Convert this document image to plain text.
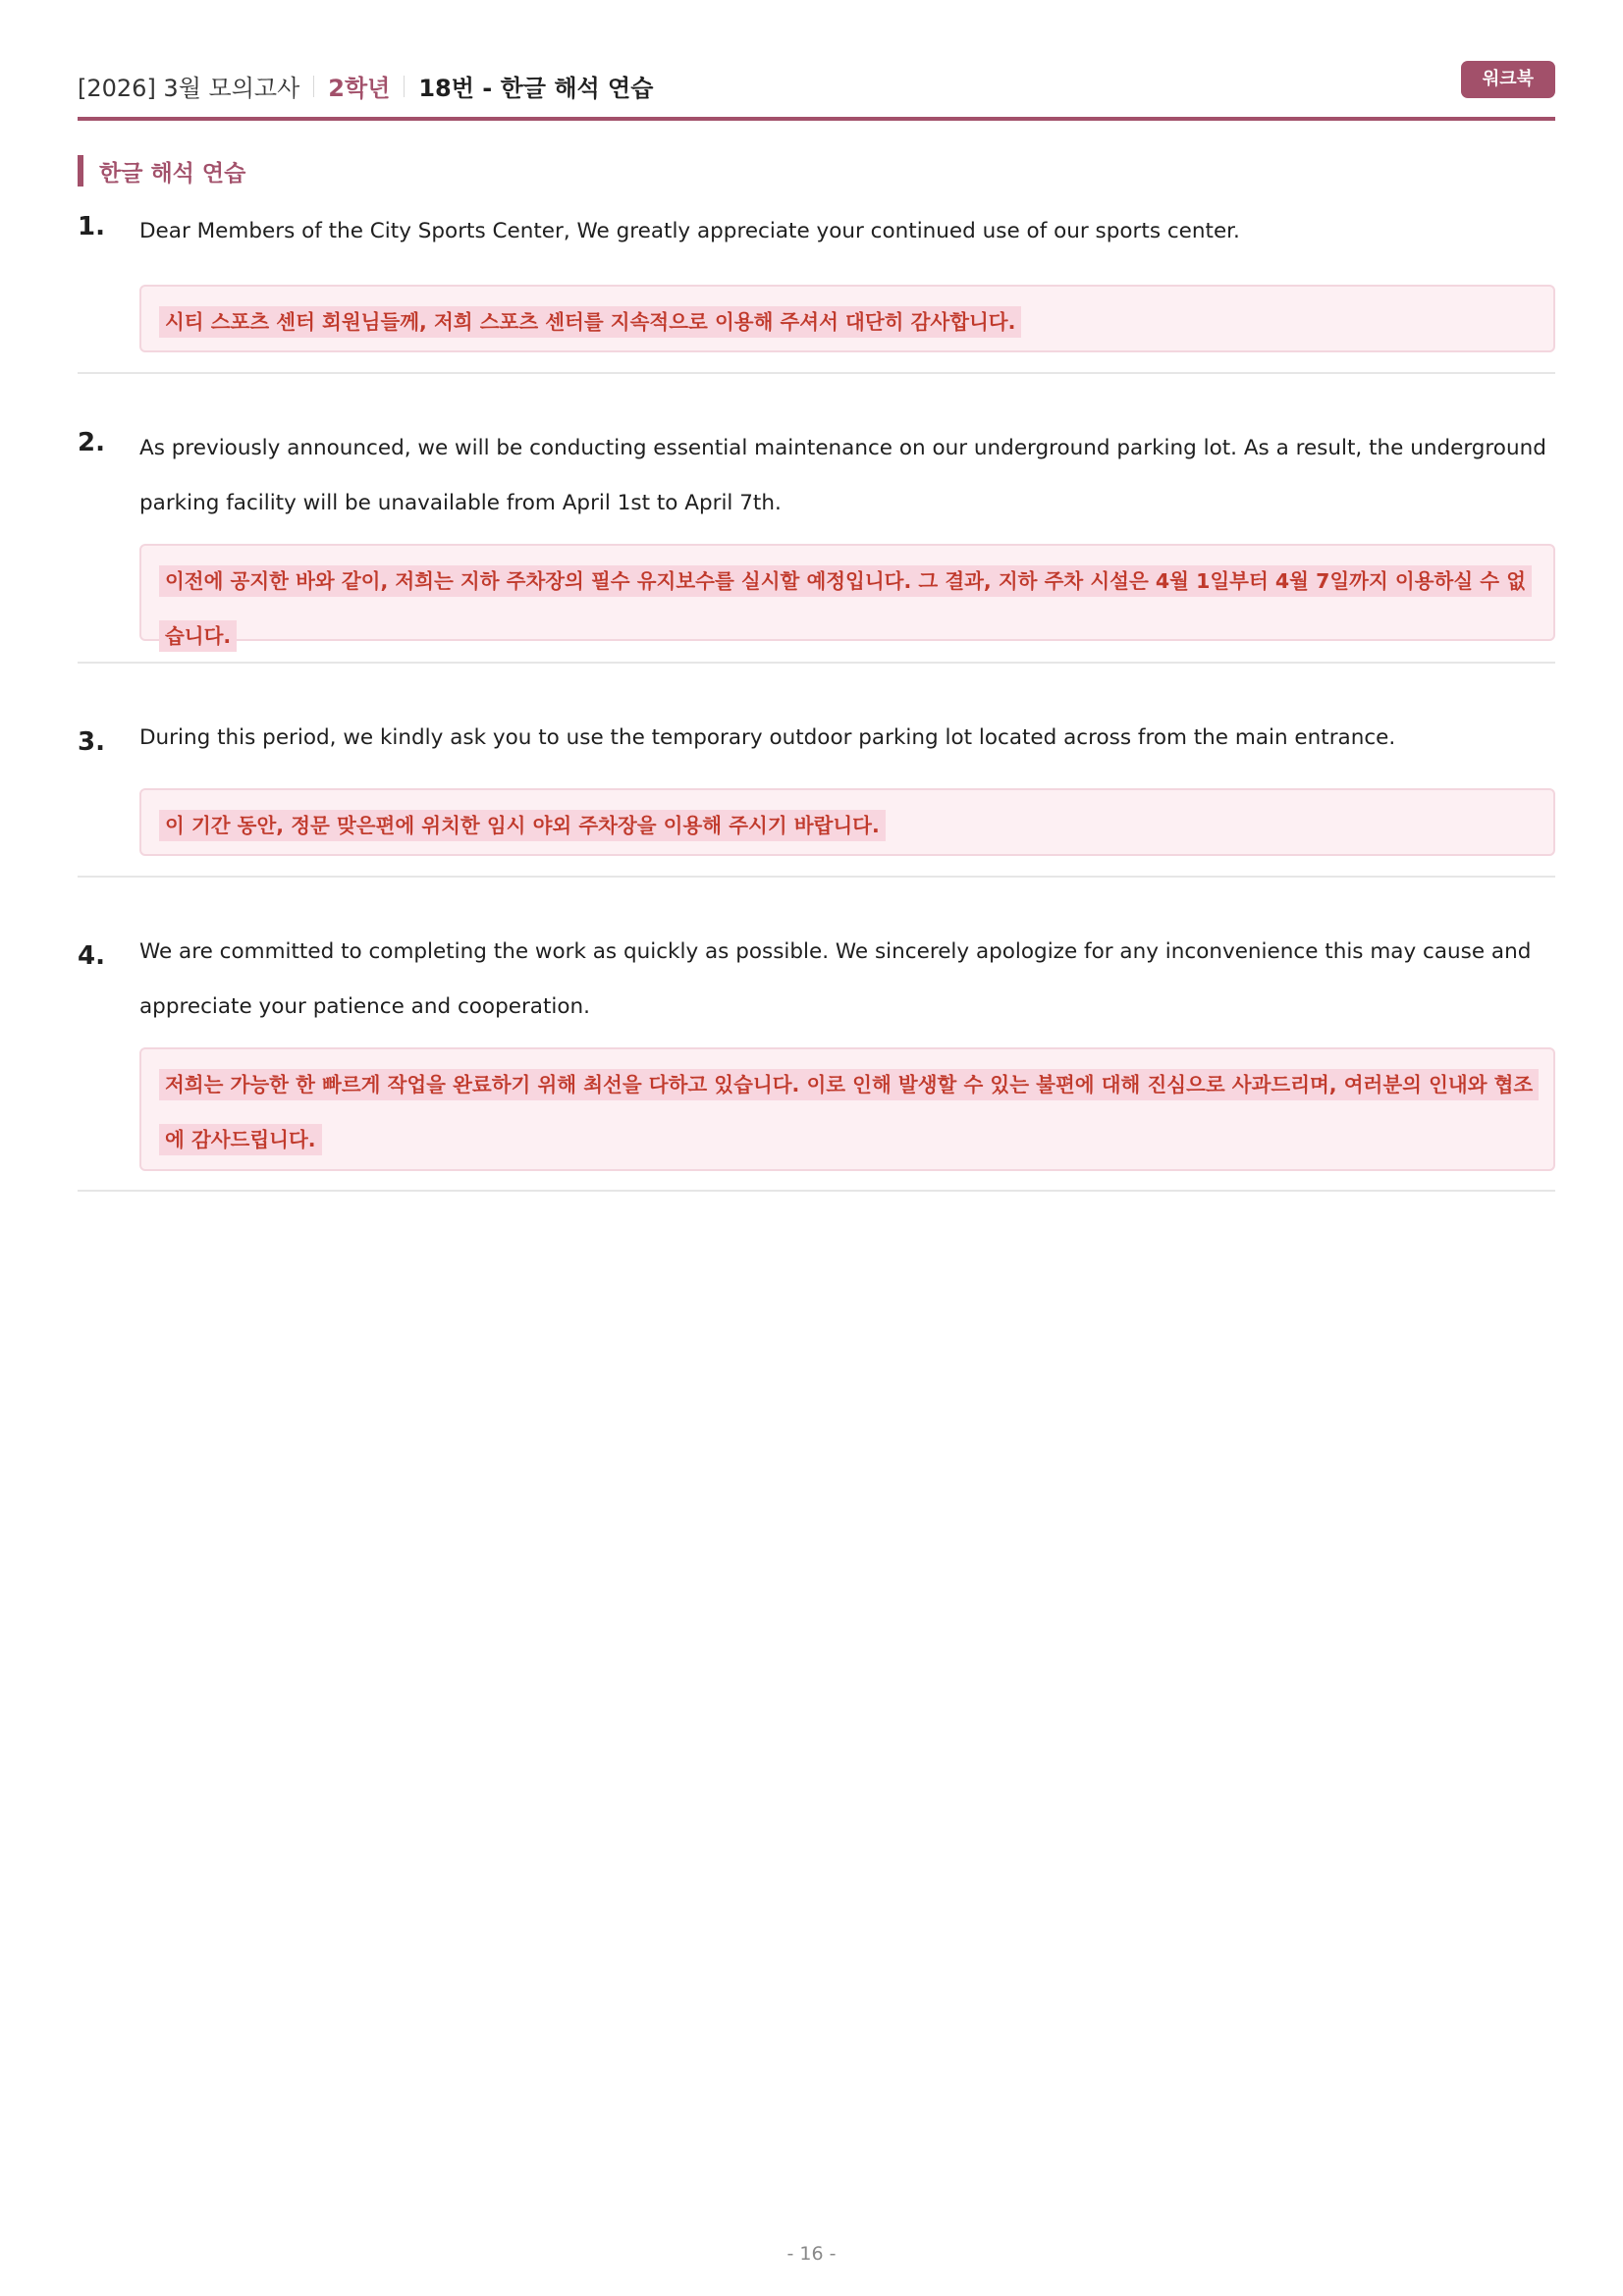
[2026] 3월 모의고사 2학년 18번 - 한글 해석 연습	워크북
한글 해석 연습
1. Dear Members of the City Sports Center, We greatly appreciate your continued use of our sports center.
시티 스포츠 센터 회원님들께, 저희 스포츠 센터를 지속적으로 이용해 주셔서 대단히 감사합니다.
2. As previously announced, we will be conducting essential maintenance on our underground parking lot. As a result, the underground parking facility will be unavailable from April 1st to April 7th.
이전에 공지한 바와 같이, 저희는 지하 주차장의 필수 유지보수를 실시할 예정입니다. 그 결과, 지하 주차 시설은 4월 1일부터 4월 7일까지 이용하실 수 없습니다.
3. During this period, we kindly ask you to use the temporary outdoor parking lot located across from the main entrance.
이 기간 동안, 정문 맞은편에 위치한 임시 야외 주차장을 이용해 주시기 바랍니다.
4. We are committed to completing the work as quickly as possible. We sincerely apologize for any inconvenience this may cause and appreciate your patience and cooperation.
저희는 가능한 한 빠르게 작업을 완료하기 위해 최선을 다하고 있습니다. 이로 인해 발생할 수 있는 불편에 대해 진심으로 사과드리며, 여러분의 인내와 협조에 감사드립니다.
- 16 -
